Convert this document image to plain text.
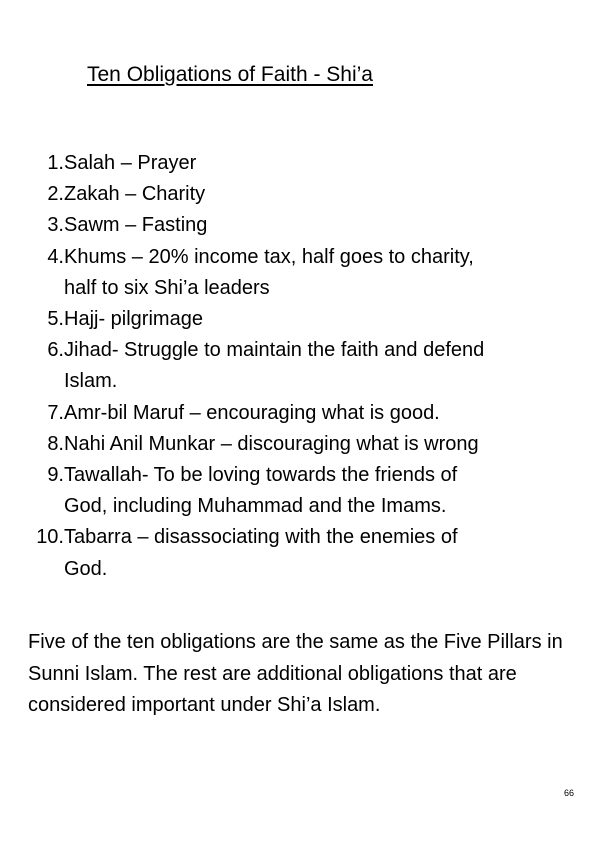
Ten Obligations of Faith - Shi’a
1. Salah – Prayer
2. Zakah – Charity
3. Sawm – Fasting
4. Khums – 20% income tax, half goes to charity,
half to six Shi’a leaders
5. Hajj- pilgrimage
6. Jihad- Struggle to maintain the faith and defend
Islam.
7. Amr-bil Maruf – encouraging what is good.
8. Nahi Anil Munkar – discouraging what is wrong
9. Tawallah- To be loving towards the friends of
God, including Muhammad and the Imams.
10. Tabarra – disassociating with the enemies of
God.

Five of the ten obligations are the same as the Five Pillars in Sunni Islam. The rest are additional obligations that are considered important under Shi’a Islam.

66
